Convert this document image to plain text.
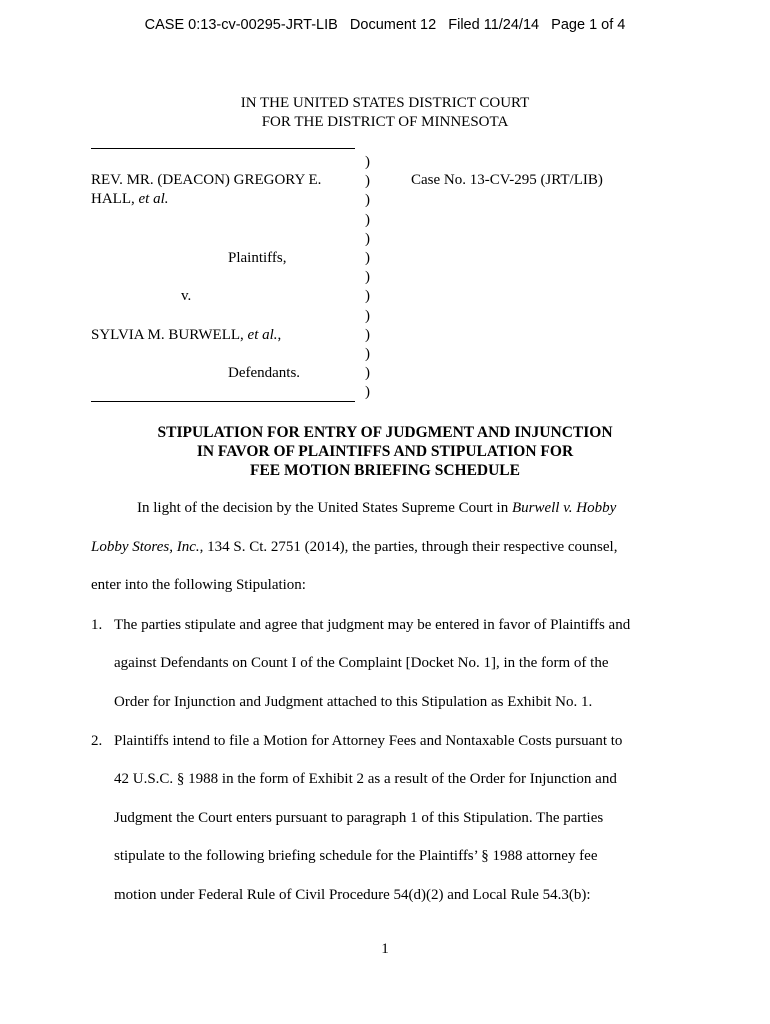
CASE 0:13-cv-00295-JRT-LIB Document 12 Filed 11/24/14 Page 1 of 4
IN THE UNITED STATES DISTRICT COURT
FOR THE DISTRICT OF MINNESOTA
REV. MR. (DEACON) GREGORY E.
HALL, et al.
Plaintiffs,
v.
SYLVIA M. BURWELL, et al.,
Defendants.
)
)
)
)
)
)
)
)
)
)
)
)
)
Case No. 13-CV-295 (JRT/LIB)
STIPULATION FOR ENTRY OF JUDGMENT AND INJUNCTION
IN FAVOR OF PLAINTIFFS AND STIPULATION FOR
FEE MOTION BRIEFING SCHEDULE
In light of the decision by the United States Supreme Court in Burwell v. Hobby
Lobby Stores, Inc., 134 S. Ct. 2751 (2014), the parties, through their respective counsel,
enter into the following Stipulation:
1. The parties stipulate and agree that judgment may be entered in favor of Plaintiffs and
against Defendants on Count I of the Complaint [Docket No. 1], in the form of the
Order for Injunction and Judgment attached to this Stipulation as Exhibit No. 1.
2. Plaintiffs intend to file a Motion for Attorney Fees and Nontaxable Costs pursuant to
42 U.S.C. § 1988 in the form of Exhibit 2 as a result of the Order for Injunction and
Judgment the Court enters pursuant to paragraph 1 of this Stipulation. The parties
stipulate to the following briefing schedule for the Plaintiffs’ § 1988 attorney fee
motion under Federal Rule of Civil Procedure 54(d)(2) and Local Rule 54.3(b):
1
